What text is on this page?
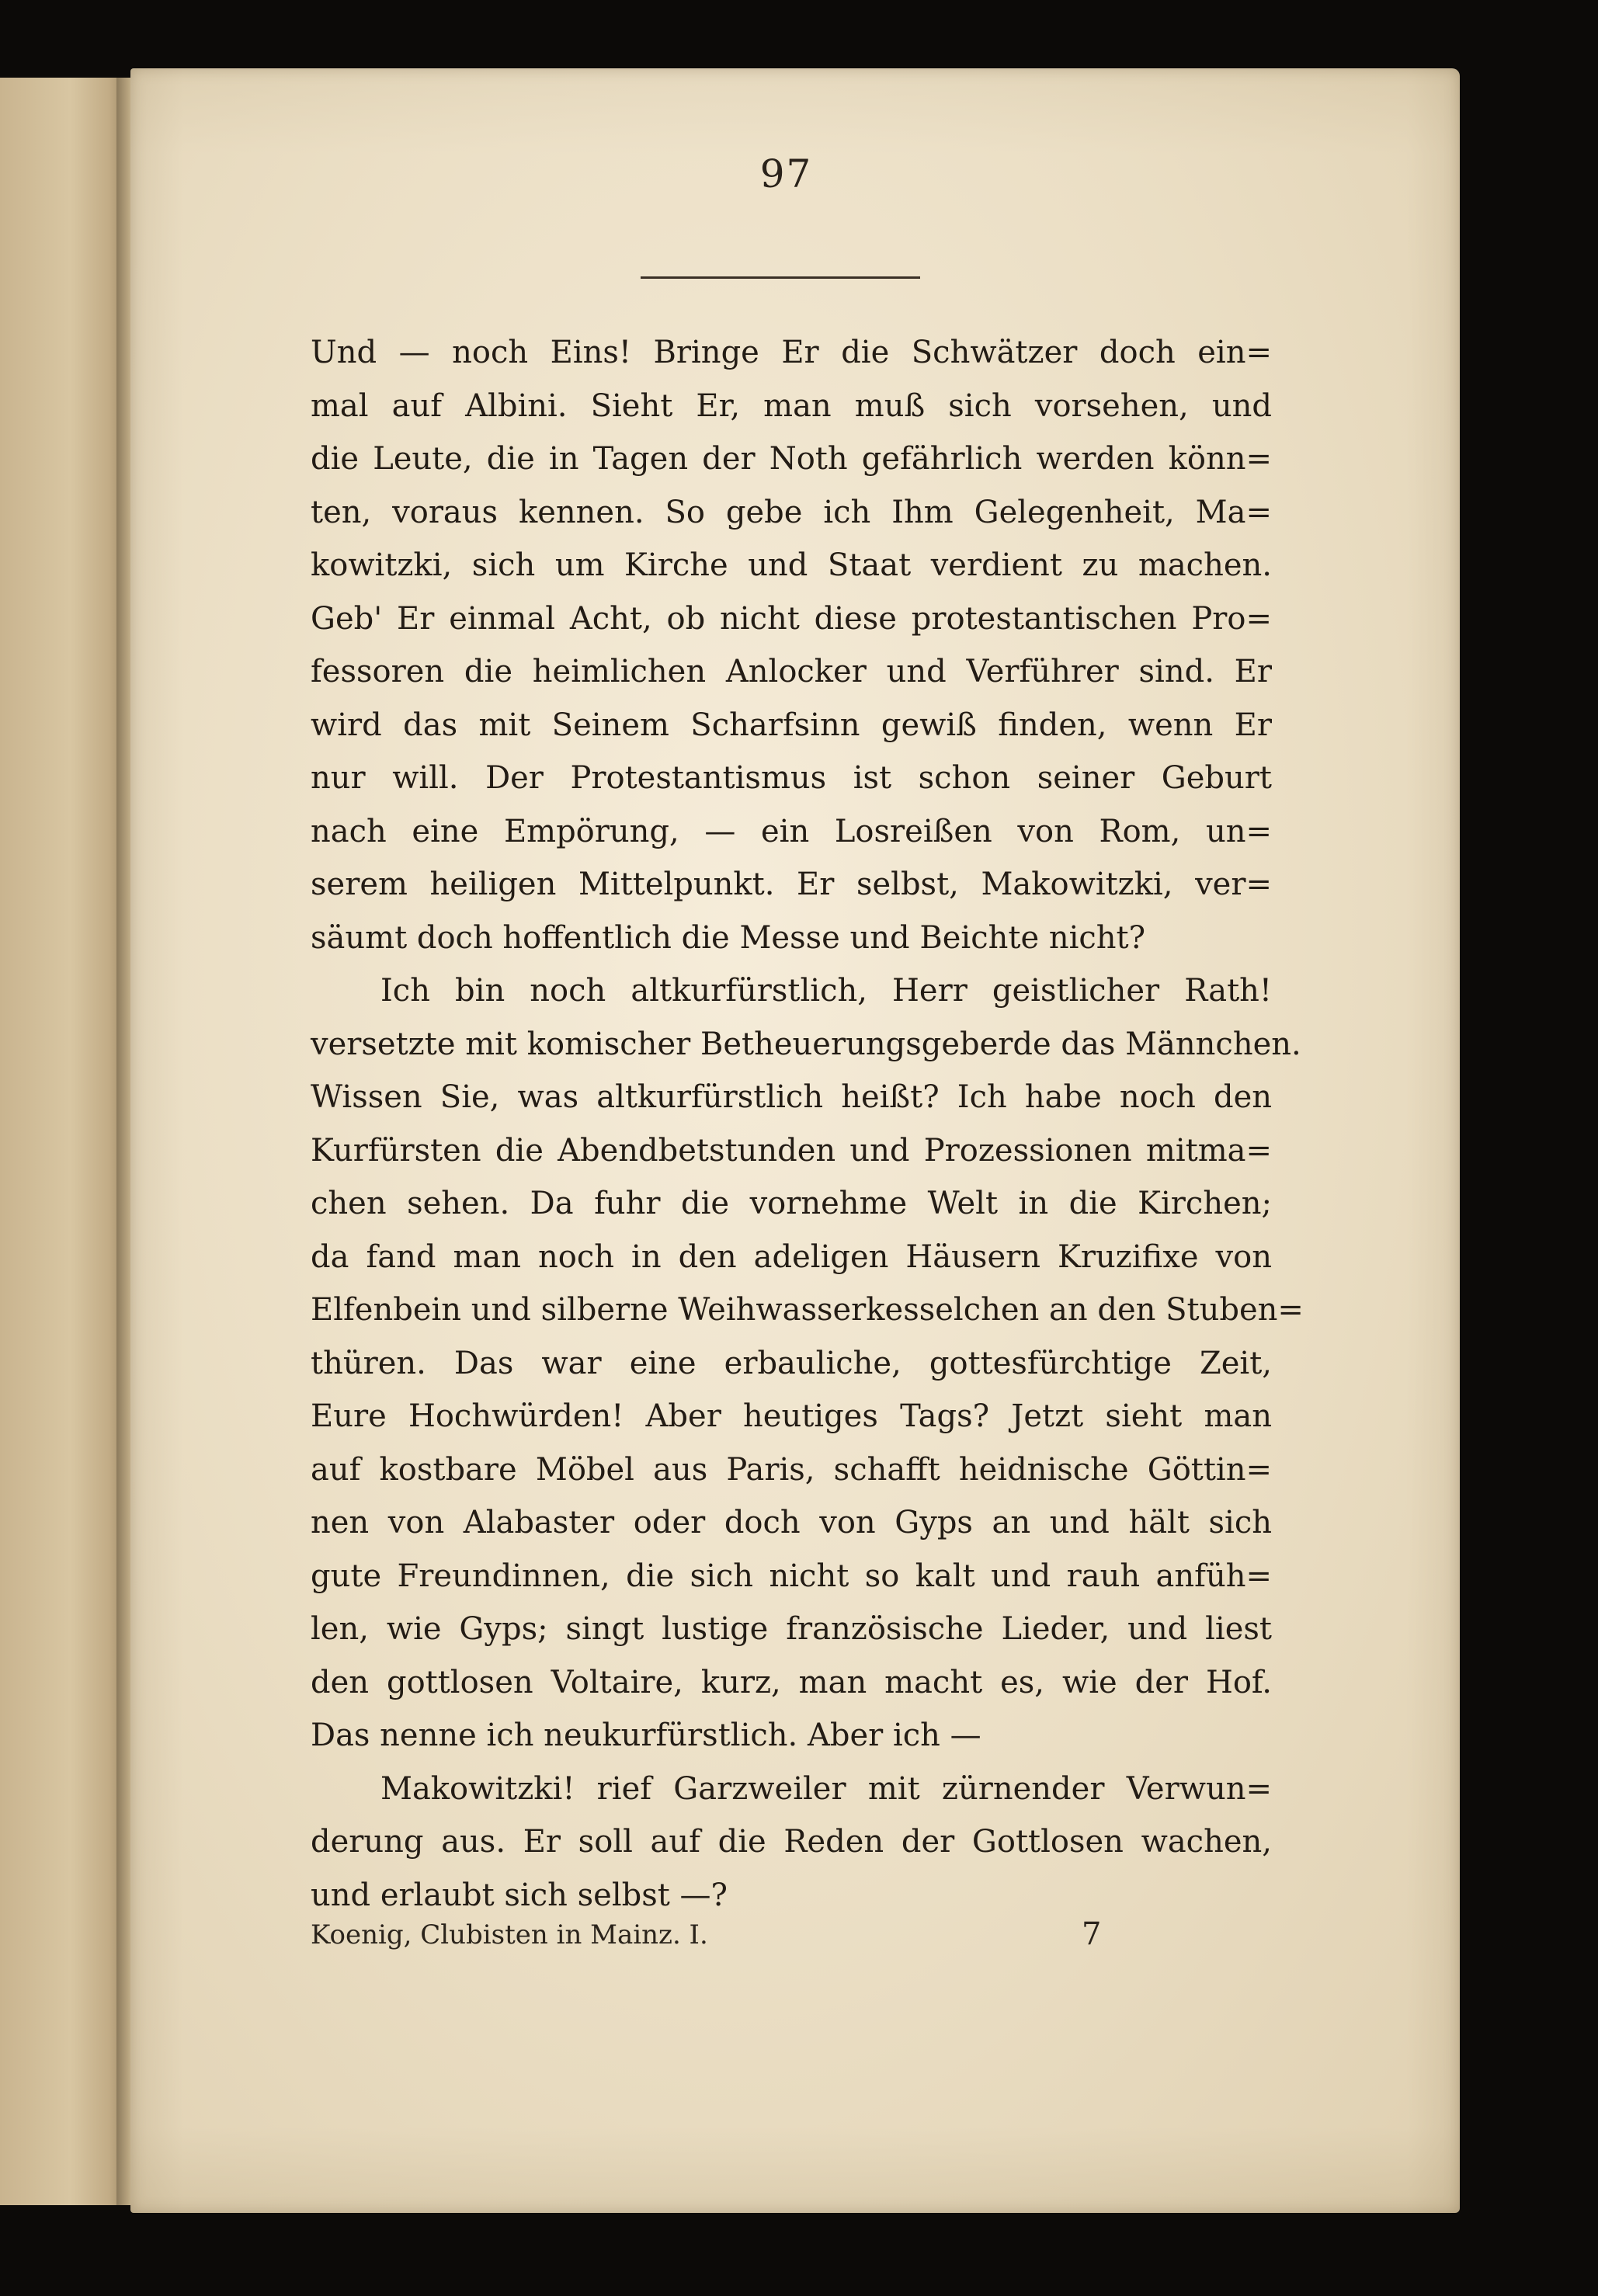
97
Und — noch Eins! Bringe Er die Schwätzer doch ein=
mal auf Albini. Sieht Er, man muß sich vorsehen, und
die Leute, die in Tagen der Noth gefährlich werden könn=
ten, voraus kennen. So gebe ich Ihm Gelegenheit, Ma=
kowitzki, sich um Kirche und Staat verdient zu machen.
Geb' Er einmal Acht, ob nicht diese protestantischen Pro=
fessoren die heimlichen Anlocker und Verführer sind. Er
wird das mit Seinem Scharfsinn gewiß finden, wenn Er
nur will. Der Protestantismus ist schon seiner Geburt
nach eine Empörung, — ein Losreißen von Rom, un=
serem heiligen Mittelpunkt. Er selbst, Makowitzki, ver=
säumt doch hoffentlich die Messe und Beichte nicht?
Ich bin noch altkurfürstlich, Herr geistlicher Rath!
versetzte mit komischer Betheuerungsgeberde das Männchen.
Wissen Sie, was altkurfürstlich heißt? Ich habe noch den
Kurfürsten die Abendbetstunden und Prozessionen mitma=
chen sehen. Da fuhr die vornehme Welt in die Kirchen;
da fand man noch in den adeligen Häusern Kruzifixe von
Elfenbein und silberne Weihwasserkesselchen an den Stuben=
thüren. Das war eine erbauliche, gottesfürchtige Zeit,
Eure Hochwürden! Aber heutiges Tags? Jetzt sieht man
auf kostbare Möbel aus Paris, schafft heidnische Göttin=
nen von Alabaster oder doch von Gyps an und hält sich
gute Freundinnen, die sich nicht so kalt und rauh anfüh=
len, wie Gyps; singt lustige französische Lieder, und liest
den gottlosen Voltaire, kurz, man macht es, wie der Hof.
Das nenne ich neukurfürstlich. Aber ich —
Makowitzki! rief Garzweiler mit zürnender Verwun=
derung aus. Er soll auf die Reden der Gottlosen wachen,
und erlaubt sich selbst —?
Koenig, Clubisten in Mainz. I.	7
